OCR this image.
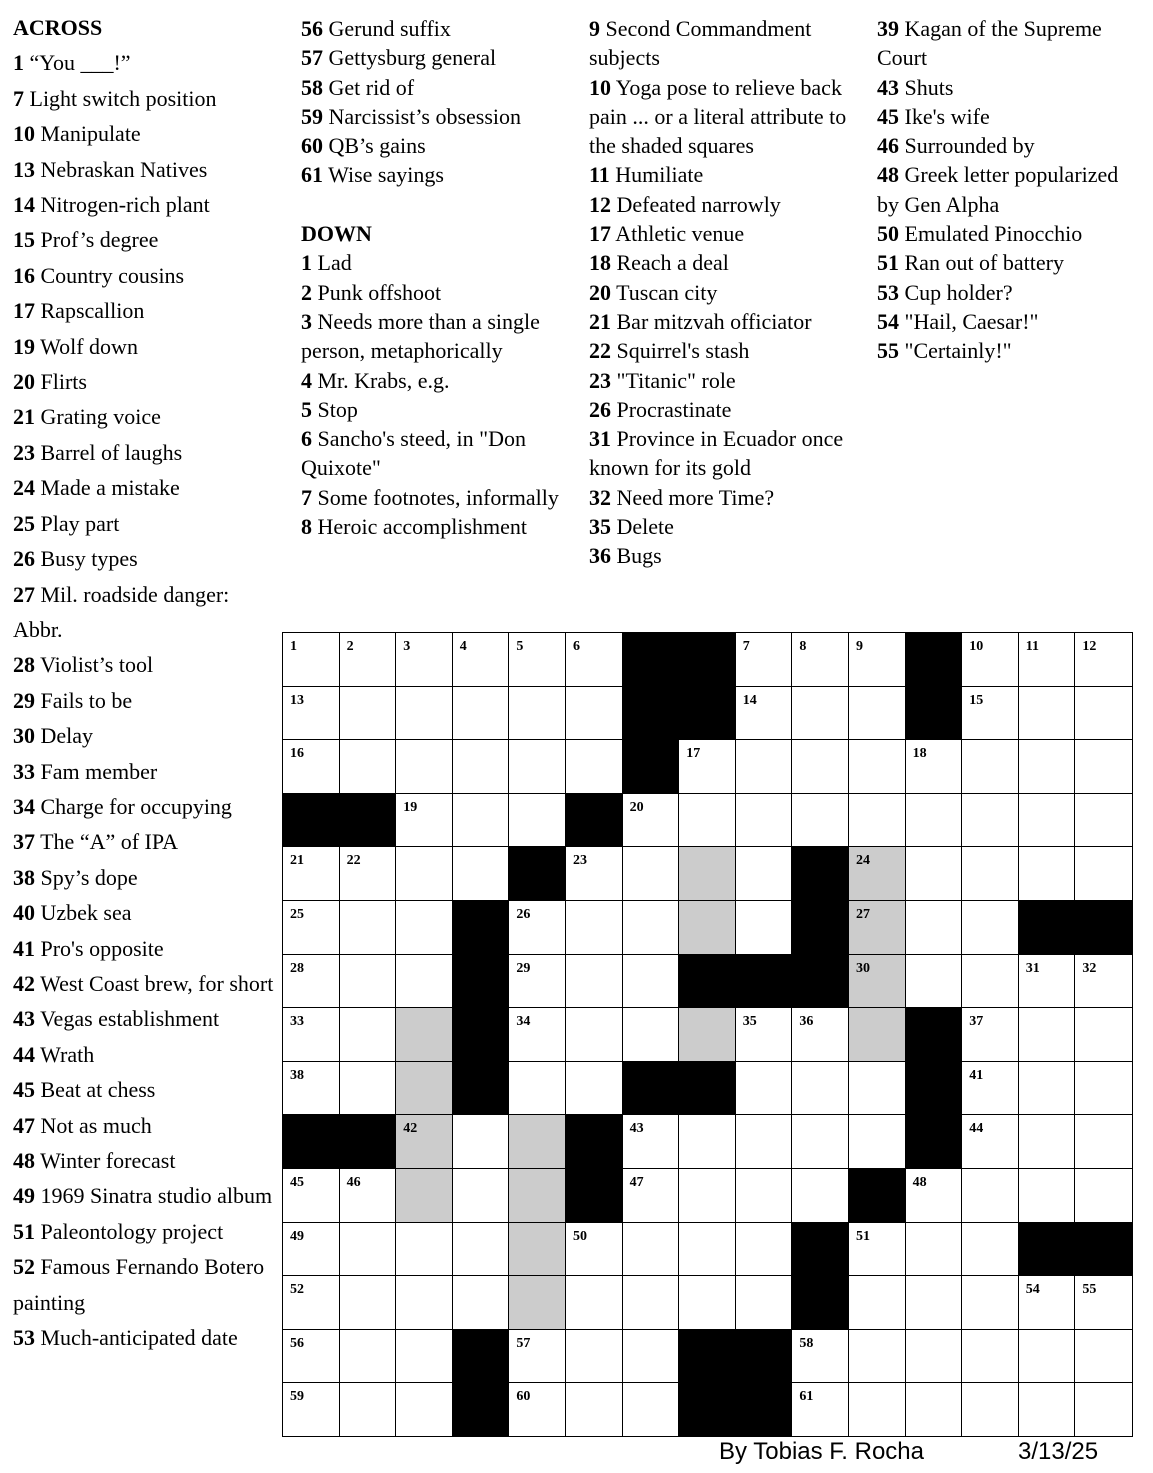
ACROSS
1 “You ___!”
7 Light switch position
10 Manipulate
13 Nebraskan Natives
14 Nitrogen-rich plant
15 Prof’s degree
16 Country cousins
17 Rapscallion
19 Wolf down
20 Flirts
21 Grating voice
23 Barrel of laughs
24 Made a mistake
25 Play part
26 Busy types
27 Mil. roadside danger: Abbr.
28 Violist’s tool
29 Fails to be
30 Delay
33 Fam member
34 Charge for occupying
37 The “A” of IPA
38 Spy’s dope
40 Uzbek sea
41 Pro's opposite
42 West Coast brew, for short
43 Vegas establishment
44 Wrath
45 Beat at chess
47 Not as much
48 Winter forecast
49 1969 Sinatra studio album
51 Paleontology project
52 Famous Fernando Botero painting
53 Much-anticipated date
56 Gerund suffix
57 Gettysburg general
58 Get rid of
59 Narcissist’s obsession
60 QB’s gains
61 Wise sayings
DOWN
1 Lad
2 Punk offshoot
3 Needs more than a single person, metaphorically
4 Mr. Krabs, e.g.
5 Stop
6 Sancho's steed, in "Don Quixote"
7 Some footnotes, informally
8 Heroic accomplishment
9 Second Commandment subjects
10 Yoga pose to relieve back pain ... or a literal attribute to the shaded squares
11 Humiliate
12 Defeated narrowly
17 Athletic venue
18 Reach a deal
20 Tuscan city
21 Bar mitzvah officiator
22 Squirrel's stash
23 "Titanic" role
26 Procrastinate
31 Province in Ecuador once known for its gold
32 Need more Time?
35 Delete
36 Bugs
39 Kagan of the Supreme Court
43 Shuts
45 Ike's wife
46 Surrounded by
48 Greek letter popularized by Gen Alpha
50 Emulated Pinocchio
51 Ran out of battery
53 Cup holder?
54 "Hail, Caesar!"
55 "Certainly!"
1	2	3	4	5	6	7	8	9	10	11	12
13	14	15
16	17	18
19	20
21	22	23	24
25	26	27
28	29	30	31	32
33	34	35	36	37
38	41
42	43	44
45	46	47	48
49	50	51
52	54	55
56	57	58
59	60	61
By Tobias F. Rocha	3/13/25
